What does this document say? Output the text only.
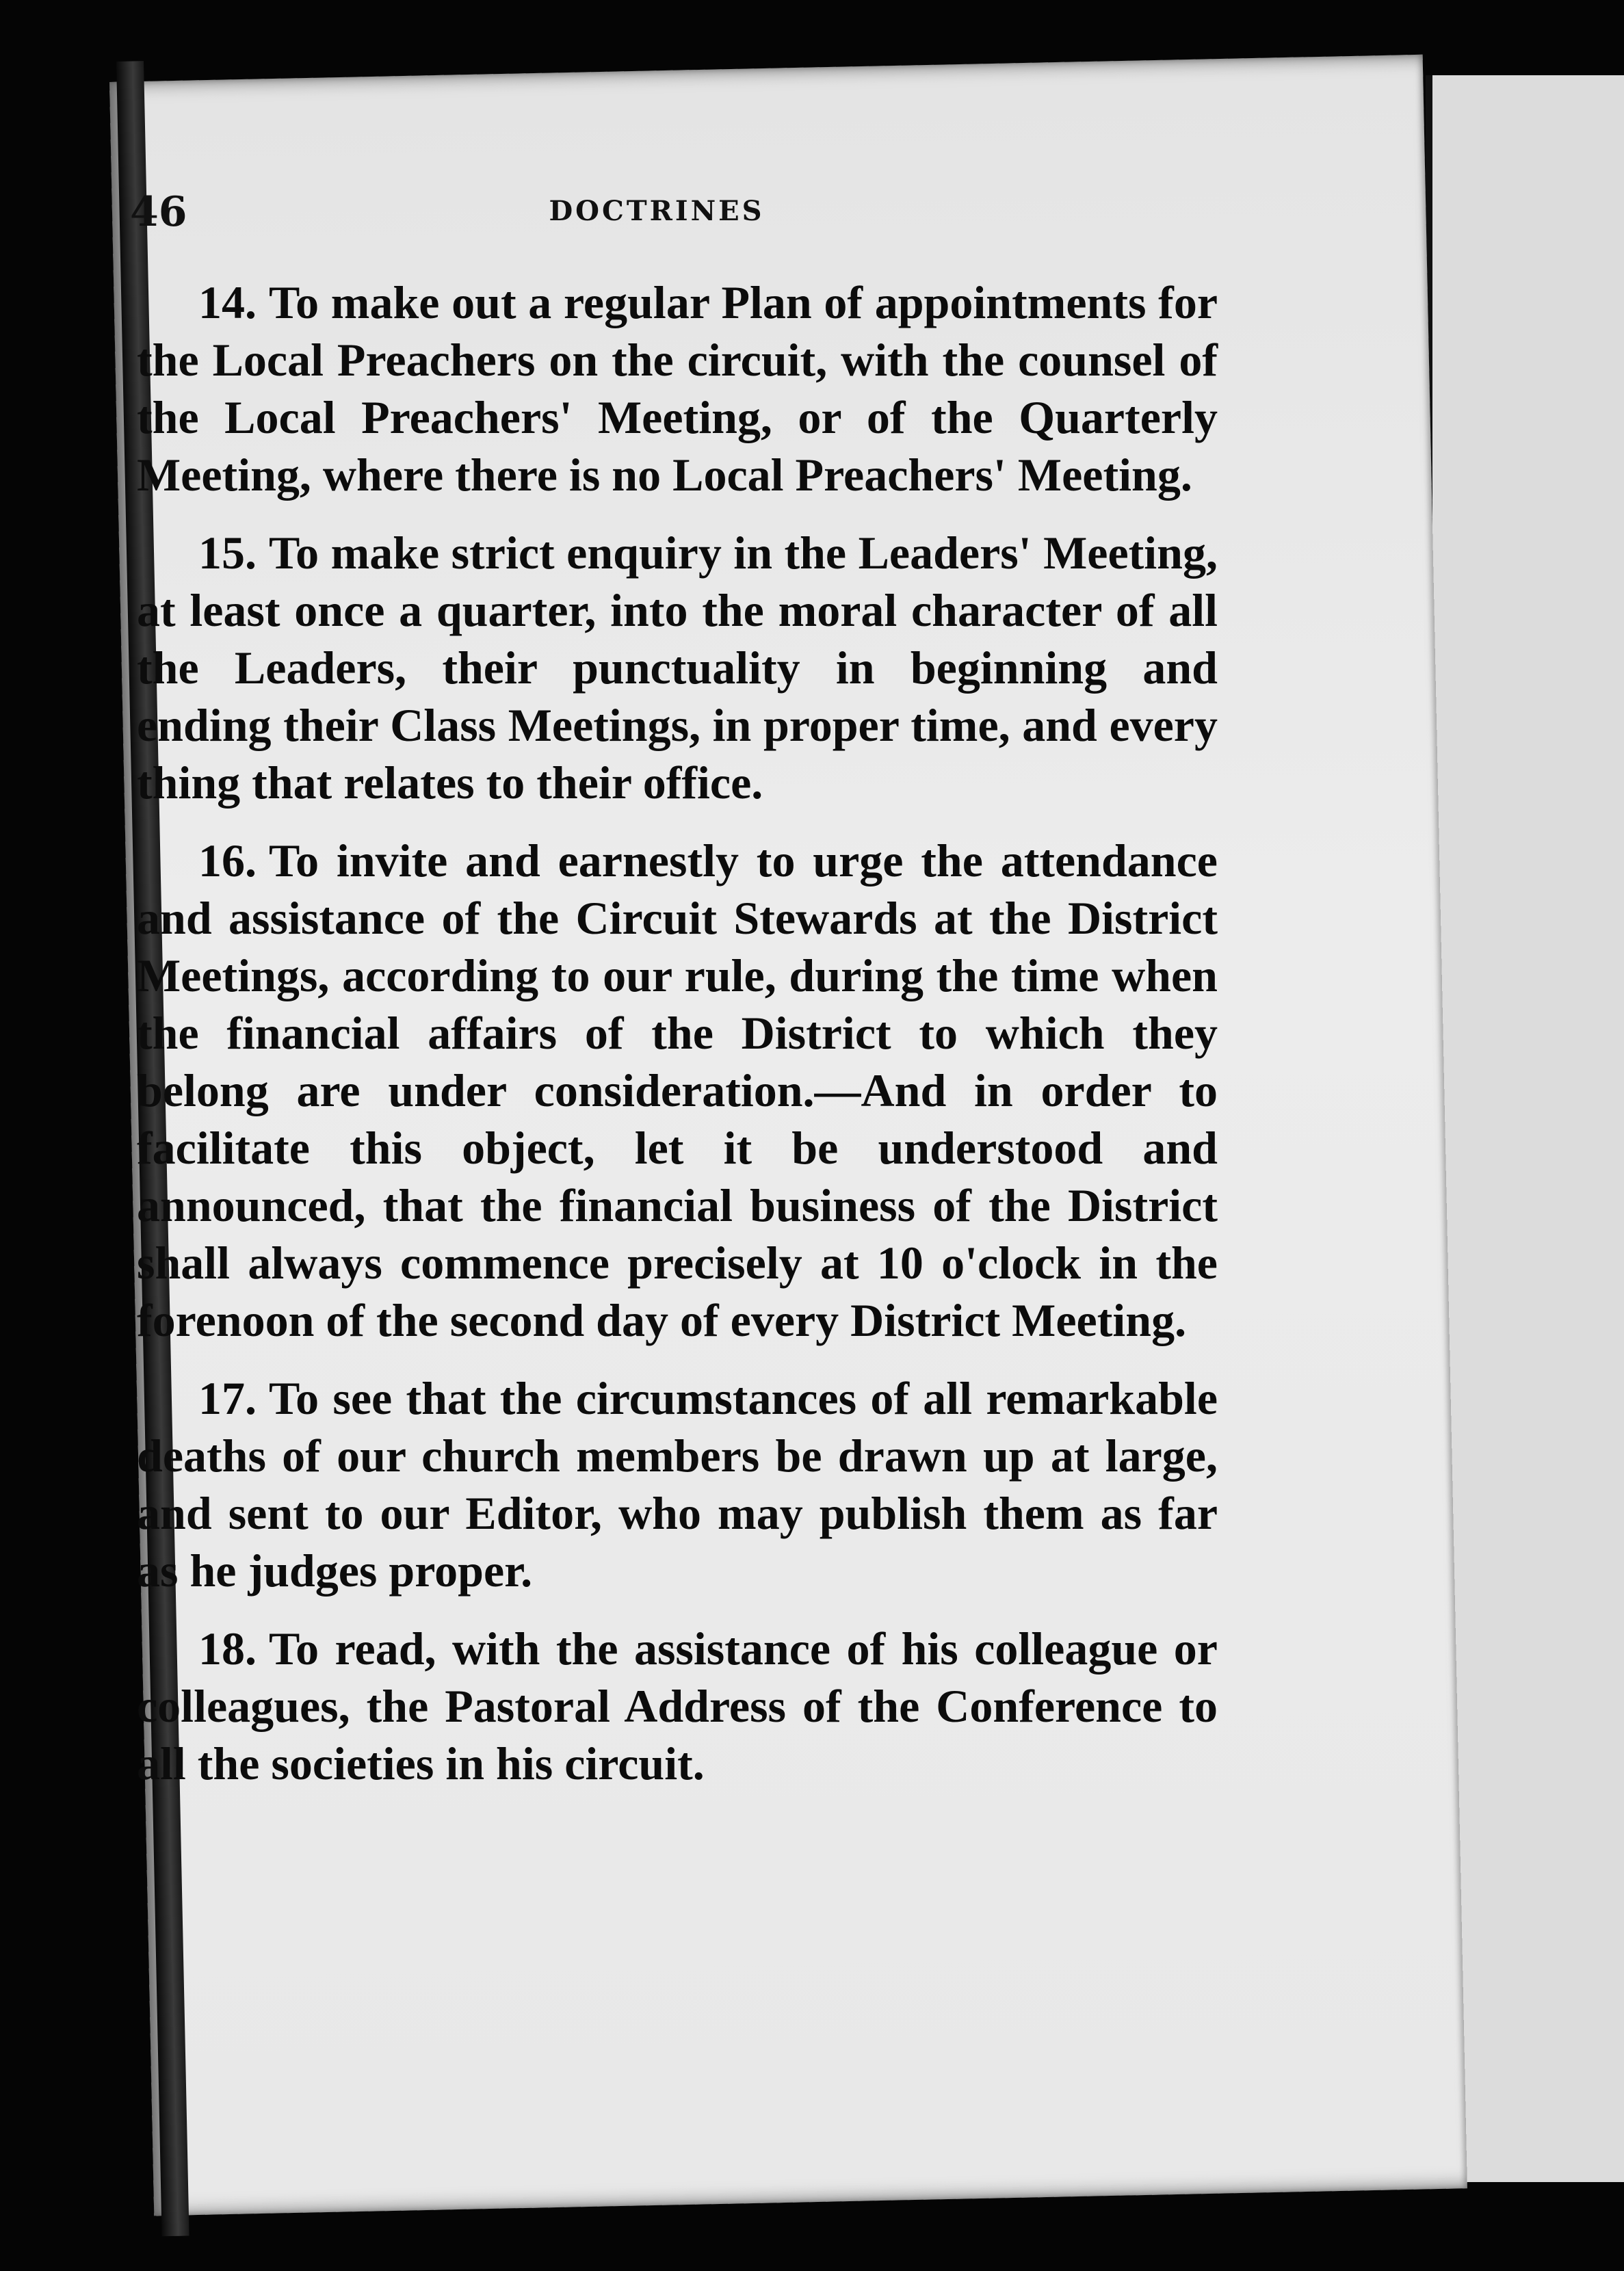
46	DOCTRINES

14. To make out a regular Plan of appointments for the Local Preachers on the circuit, with the counsel of the Local Preachers' Meeting, or of the Quarterly Meeting, where there is no Local Preachers' Meeting.

15. To make strict enquiry in the Leaders' Meeting, at least once a quarter, into the moral character of all the Leaders, their punctuality in beginning and ending their Class Meetings, in proper time, and every thing that relates to their office.

16. To invite and earnestly to urge the attendance and assistance of the Circuit Stewards at the District Meetings, according to our rule, during the time when the financial affairs of the District to which they belong are under consideration.—And in order to facilitate this object, let it be understood and announced, that the financial business of the District shall always commence precisely at 10 o'clock in the forenoon of the second day of every District Meeting.

17. To see that the circumstances of all remarkable deaths of our church members be drawn up at large, and sent to our Editor, who may publish them as far as he judges proper.

18. To read, with the assistance of his colleague or colleagues, the Pastoral Address of the Conference to all the societies in his circuit.
